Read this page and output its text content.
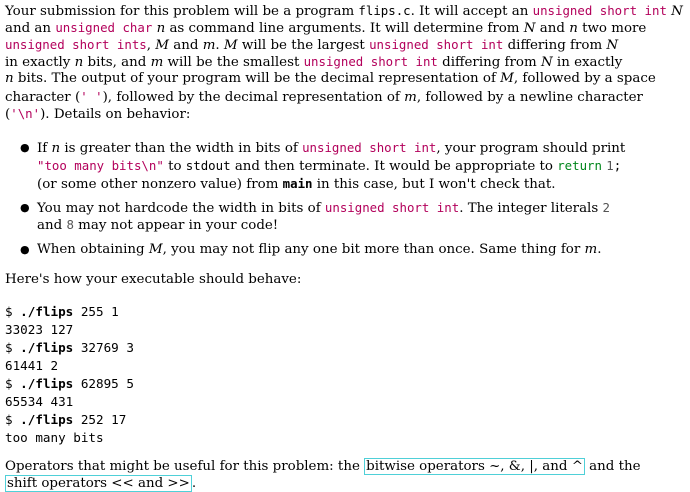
Your submission for this problem will be a program flips.c. It will accept an unsigned short int N
and an unsigned char n as command line arguments. It will determine from N and n two more
unsigned short ints, M and m. M will be the largest unsigned short int differing from N
in exactly n bits, and m will be the smallest unsigned short int differing from N in exactly
n bits. The output of your program will be the decimal representation of M, followed by a space
character (' '), followed by the decimal representation of m, followed by a newline character
('\n'). Details on behavior:
● If n is greater than the width in bits of unsigned short int, your program should print
"too many bits\n" to stdout and then terminate. It would be appropriate to return 1;
(or some other nonzero value) from main in this case, but I won't check that.
● You may not hardcode the width in bits of unsigned short int. The integer literals 2
and 8 may not appear in your code!
● When obtaining M, you may not flip any one bit more than once. Same thing for m.
Here's how your executable should behave:
$ ./flips 255 1
33023 127
$ ./flips 32769 3
61441 2
$ ./flips 62895 5
65534 431
$ ./flips 252 17
too many bits
Operators that might be useful for this problem: the bitwise operators ~, &, |, and ^ and the
shift operators << and >> .
